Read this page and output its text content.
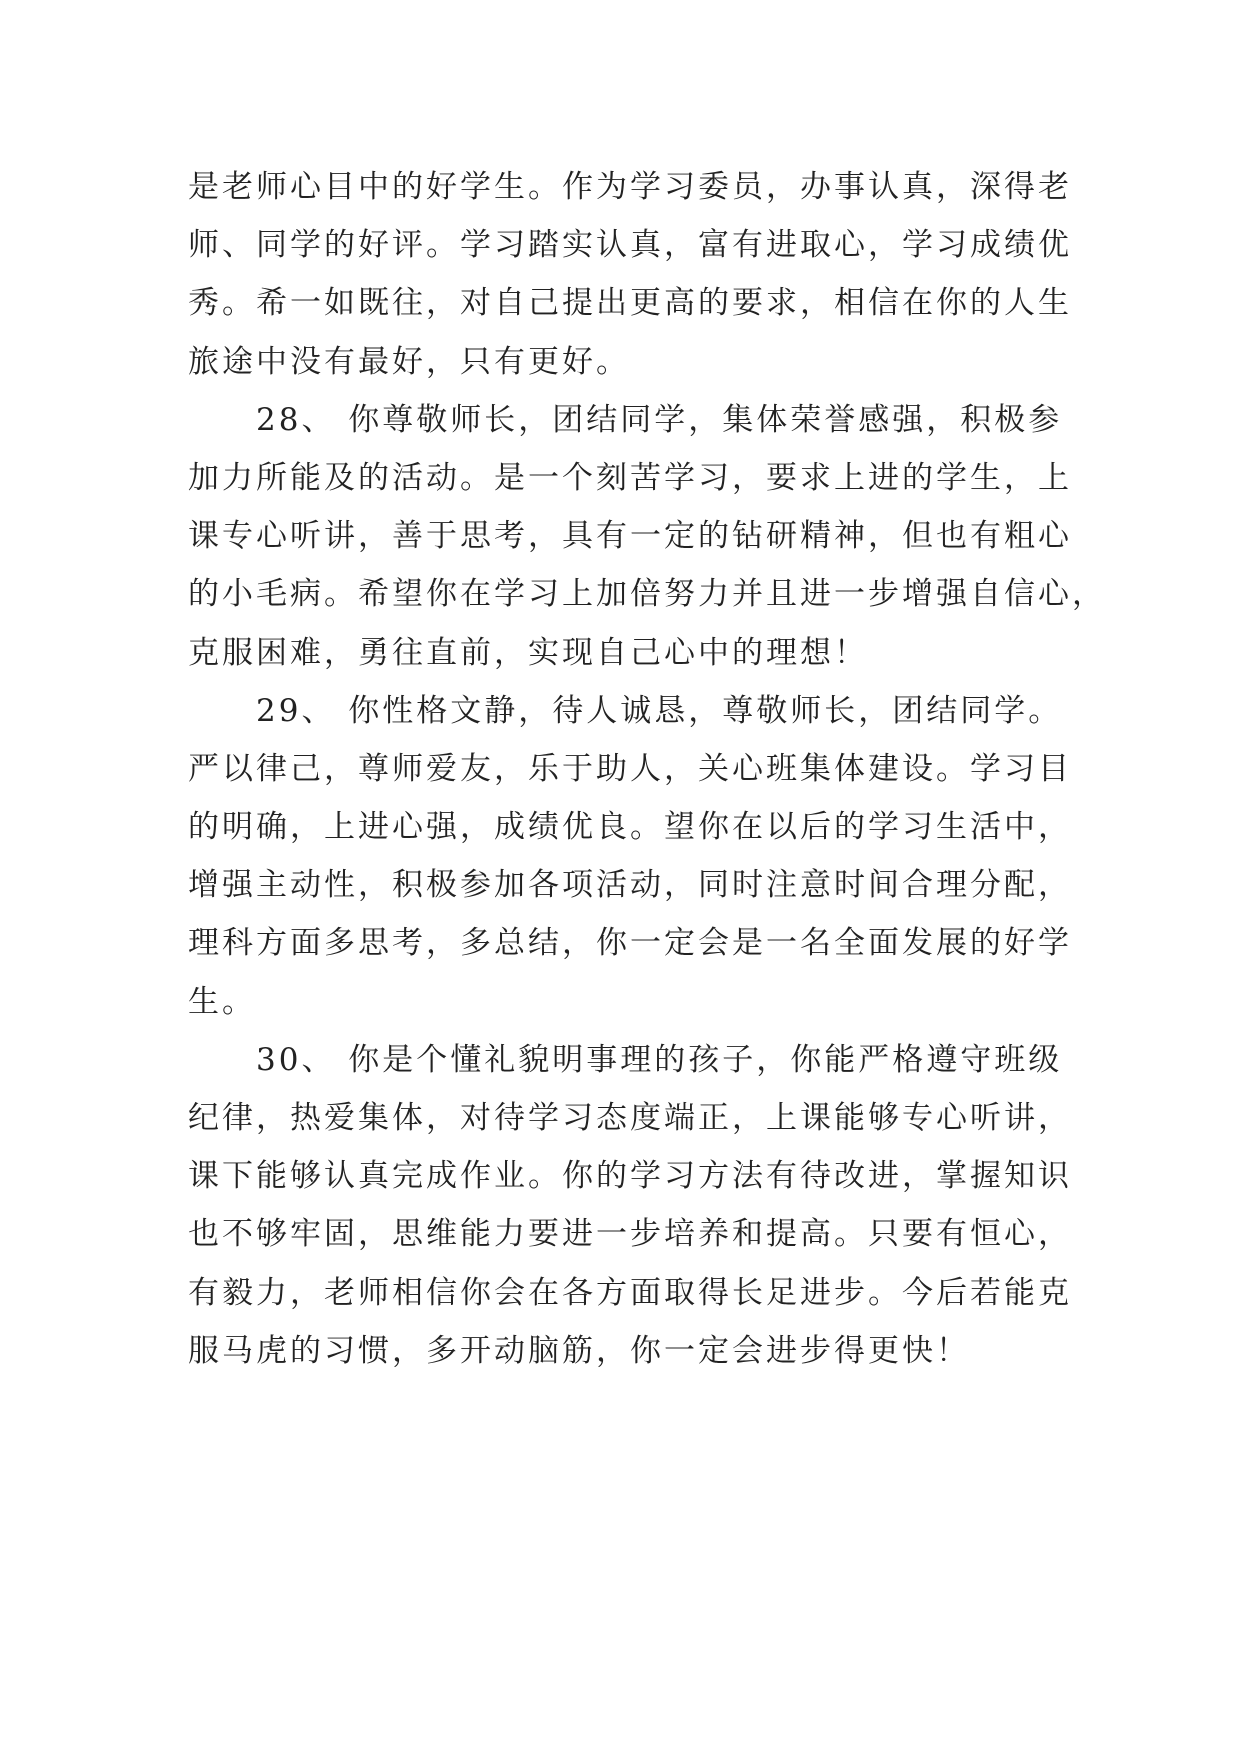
是老师心目中的好学生。作为学习委员，办事认真，深得老
师、同学的好评。学习踏实认真，富有进取心，学习成绩优
秀。希一如既往，对自己提出更高的要求，相信在你的人生
旅途中没有最好，只有更好。
28、 你尊敬师长，团结同学，集体荣誉感强，积极参
加力所能及的活动。是一个刻苦学习，要求上进的学生，上
课专心听讲，善于思考，具有一定的钻研精神，但也有粗心
的小毛病。希望你在学习上加倍努力并且进一步增强自信心，
克服困难，勇往直前，实现自己心中的理想！
29、 你性格文静，待人诚恳，尊敬师长，团结同学。
严以律己，尊师爱友，乐于助人，关心班集体建设。学习目
的明确，上进心强，成绩优良。望你在以后的学习生活中，
增强主动性，积极参加各项活动，同时注意时间合理分配，
理科方面多思考，多总结，你一定会是一名全面发展的好学
生。
30、 你是个懂礼貌明事理的孩子，你能严格遵守班级
纪律，热爱集体，对待学习态度端正，上课能够专心听讲，
课下能够认真完成作业。你的学习方法有待改进，掌握知识
也不够牢固，思维能力要进一步培养和提高。只要有恒心，
有毅力，老师相信你会在各方面取得长足进步。今后若能克
服马虎的习惯，多开动脑筋，你一定会进步得更快！
